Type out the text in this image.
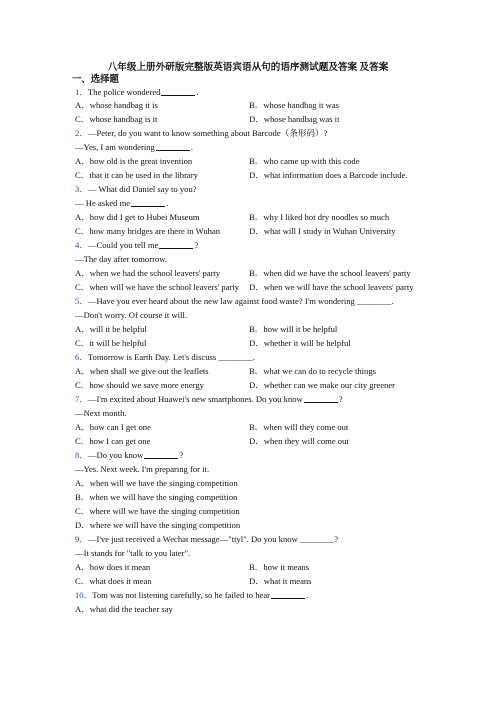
八年级上册外研版完整版英语宾语从句的语序测试题及答案 及答案
一、选择题
1．The police wondered	.
A．whose handbag it is	B．whose handbag it was
C．whose handbag is it	D．whose handbag was it
2．—Peter, do you want to know something about Barcode（条形码）?
—Yes, I am wondering	.
A．how old is the great invention	B．who came up with this code
C．that it can be used in the library	D．what information does a Barcode include.
3．— What did Daniel say to you?
— He asked me	.
A．how did I get to Hubei Museum	B．why I liked hot dry noodles so much
C．how many bridges are there in Wuhan	D．what will I study in Wuhan University
4．—Could you tell me	?
—The day after tomorrow.
A．when we had the school leavers' party	B．when did we have the school leavers' party
C．when will we have the school leavers' party D．when we will have the school leavers' party
5．—Have you ever heard about the new law against food waste? I'm wondering ________.
—Don't worry. Of course it will.
A．will it be helpful	B．how will it be helpful
C．it will be helpful	D．whether it will be helpful
6．Tomorrow is Earth Day. Let's discuss ________.
A．when shall we give out the leaflets	B．what we can do to recycle things
C．how should we save more energy	D．whether can we make our city greener
7．—I'm excited about Huawei's new smartphones. Do you know	?
—Next month.
A．how can I get one	B．when will they come out
C．how I can get one	D．when they will come out
8．—Do you know	?
—Yes. Next week. I'm preparing for it.
A．when will we have the singing competition
B．when we will have the singing competition
C．where will we have the singing competition
D．where we will have the singing competition
9．—I've just received a Wechat message—"ttyl". Do you know ________?
—It stands for "talk to you later".
A．how does it mean	B．how it means
C．what does it mean	D．what it means
10．Tom was not listening carefully, so he failed to hear	.
A．what did the teacher say
